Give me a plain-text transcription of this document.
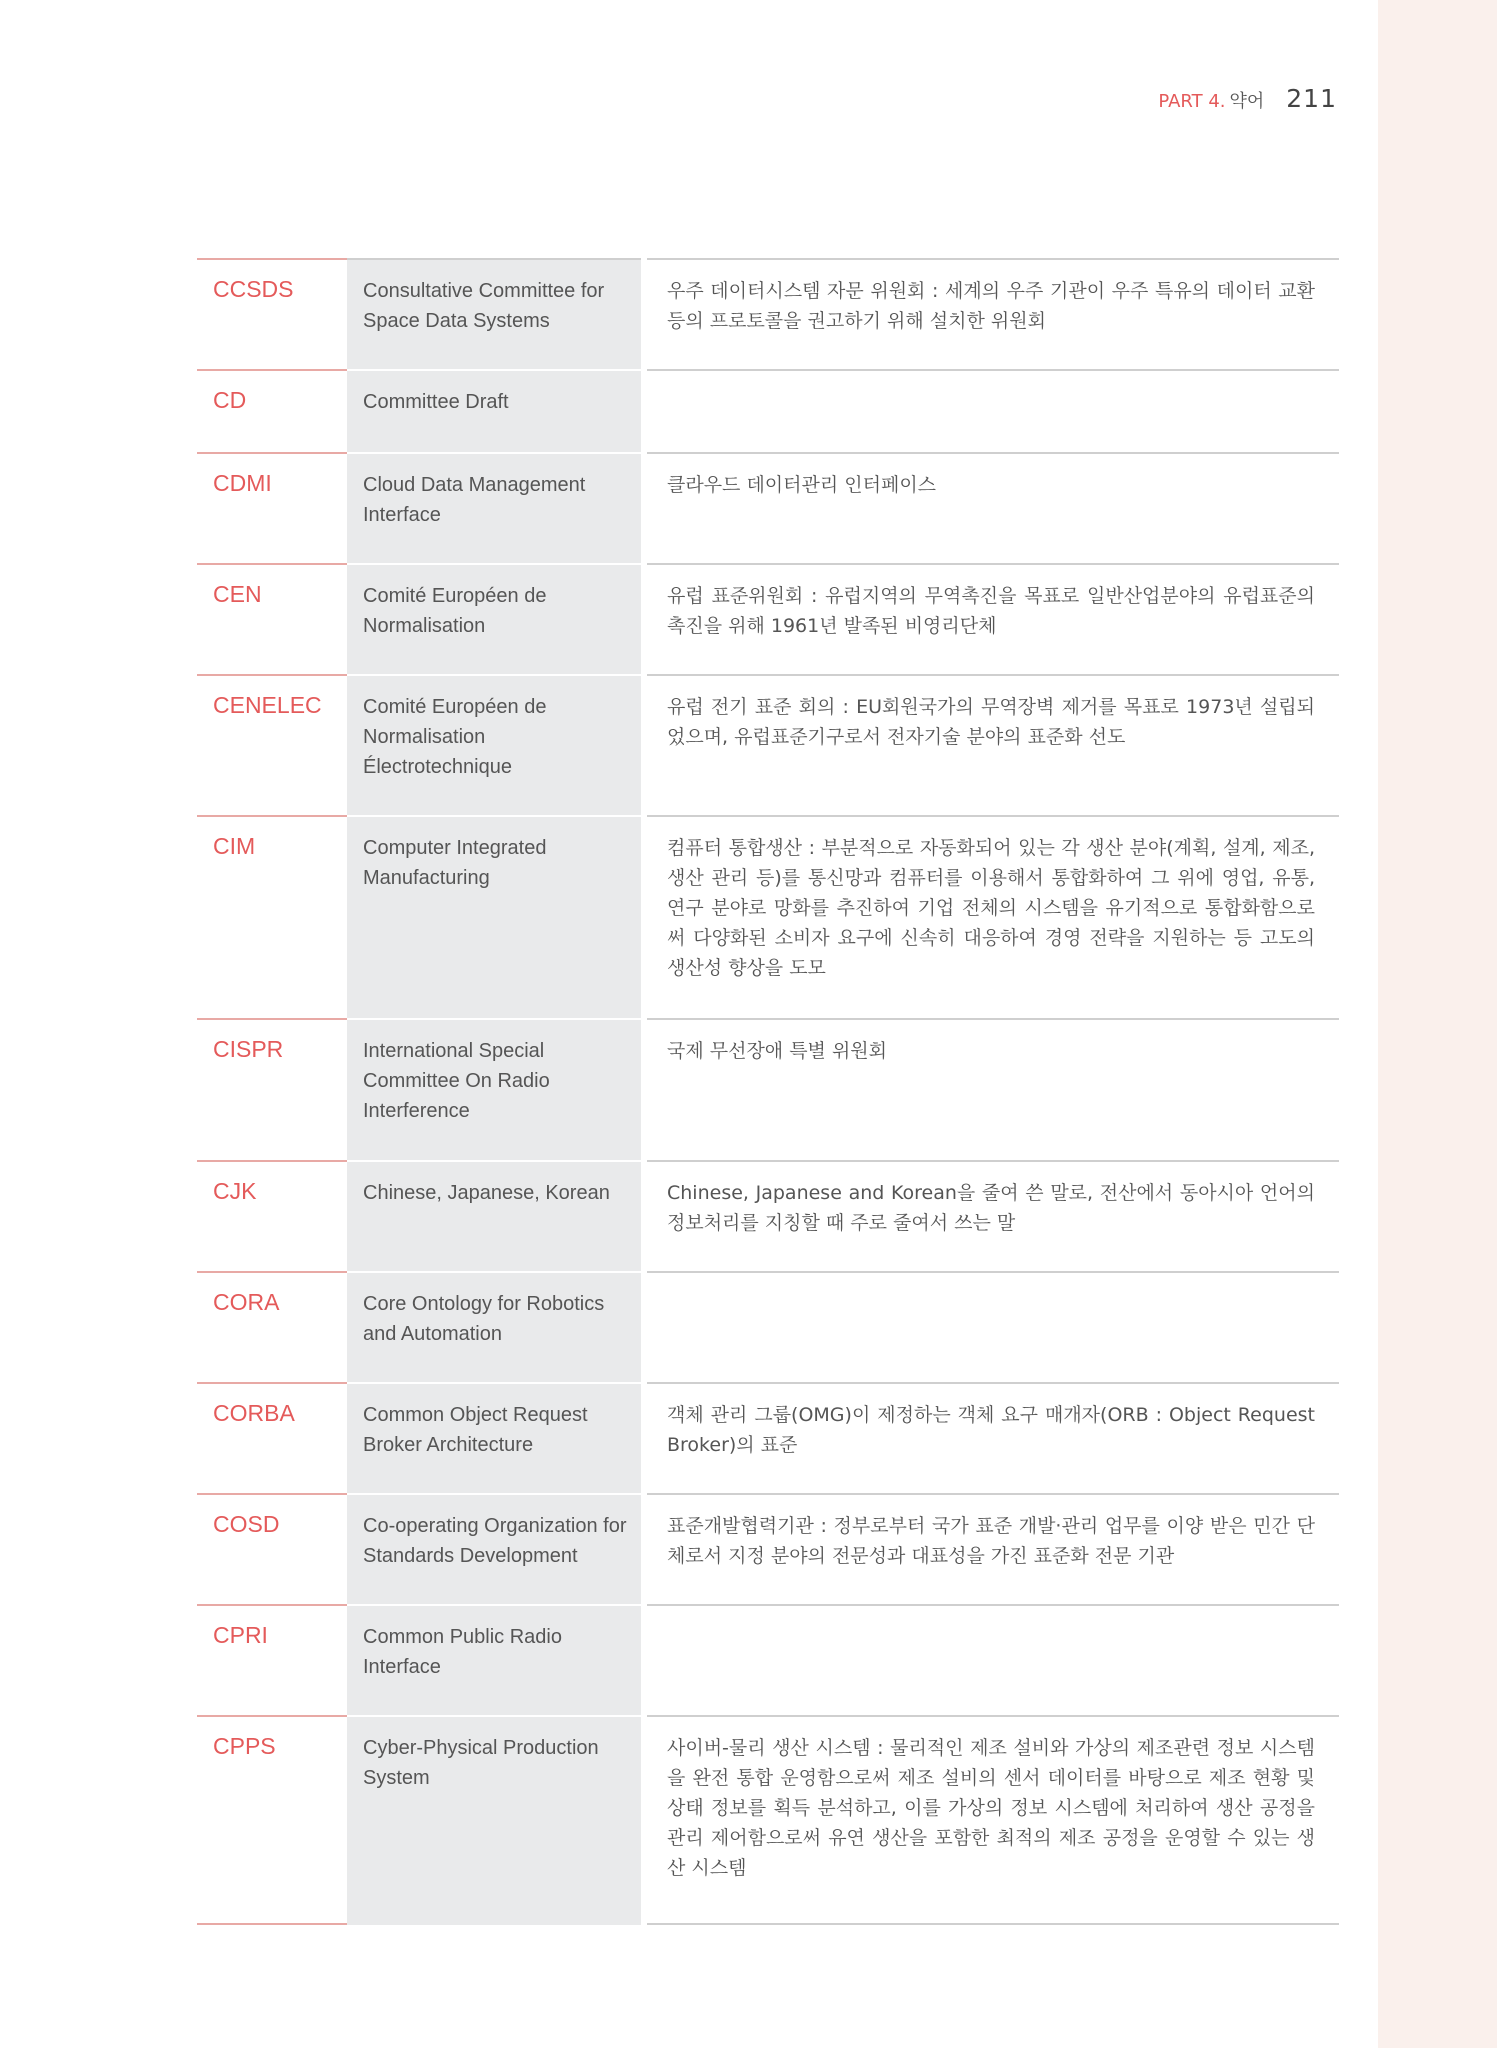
PART 4. 약어 211
CCSDS	Consultative Committee for Space Data Systems
우주 데이터시스템 자문 위원회 : 세계의 우주 기관이 우주 특유의 데이터 교환 등의 프로토콜을 권고하기 위해 설치한 위원회
CD	Committee Draft
CDMI	Cloud Data Management Interface
클라우드 데이터관리 인터페이스
CEN	Comité Européen de Normalisation
유럽 표준위원회 : 유럽지역의 무역촉진을 목표로 일반산업분야의 유럽표준의 촉진을 위해 1961년 발족된 비영리단체
CENELEC	Comité Européen de Normalisation Électrotechnique
유럽 전기 표준 회의 : EU회원국가의 무역장벽 제거를 목표로 1973년 설립되었으며, 유럽표준기구로서 전자기술 분야의 표준화 선도
CIM	Computer Integrated Manufacturing
컴퓨터 통합생산 : 부분적으로 자동화되어 있는 각 생산 분야(계획, 설계, 제조, 생산 관리 등)를 통신망과 컴퓨터를 이용해서 통합화하여 그 위에 영업, 유통, 연구 분야로 망화를 추진하여 기업 전체의 시스템을 유기적으로 통합화함으로써 다양화된 소비자 요구에 신속히 대응하여 경영 전략을 지원하는 등 고도의 생산성 향상을 도모
CISPR	International Special Committee On Radio Interference
국제 무선장애 특별 위원회
CJK	Chinese, Japanese, Korean	Chinese, Japanese and Korean을 줄여 쓴 말로, 전산에서 동아시아 언어의 정보처리를 지칭할 때 주로 줄여서 쓰는 말
CORA	Core Ontology for Robotics and Automation
CORBA	Common Object Request Broker Architecture
객체 관리 그룹(OMG)이 제정하는 객체 요구 매개자(ORB : Object Request Broker)의 표준
COSD	Co-operating Organization for Standards Development
표준개발협력기관 : 정부로부터 국가 표준 개발·관리 업무를 이양 받은 민간 단체로서 지정 분야의 전문성과 대표성을 가진 표준화 전문 기관
CPRI	Common Public Radio Interface
CPPS	Cyber-Physical Production System
사이버-물리 생산 시스템 : 물리적인 제조 설비와 가상의 제조관련 정보 시스템을 완전 통합 운영함으로써 제조 설비의 센서 데이터를 바탕으로 제조 현황 및 상태 정보를 획득 분석하고, 이를 가상의 정보 시스템에 처리하여 생산 공정을 관리 제어함으로써 유연 생산을 포함한 최적의 제조 공정을 운영할 수 있는 생산 시스템
